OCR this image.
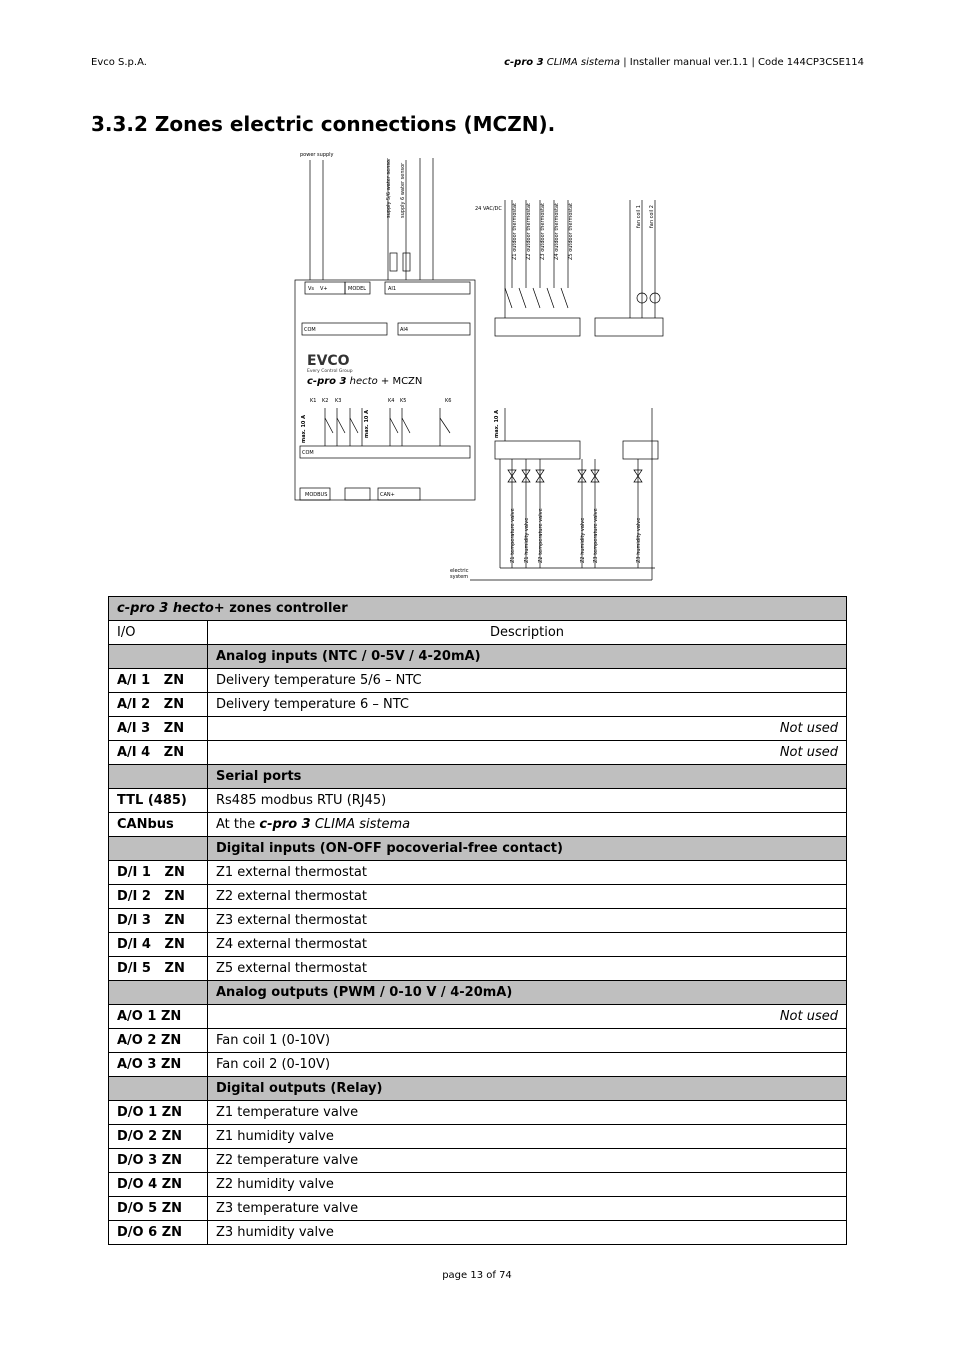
Evco S.p.A.	c-pro 3 CLIMA sistema | Installer manual ver.1.1 | Code 144CP3CSE114
3.3.2 Zones electric connections (MCZN).
power supply
supply 5/6 water sensor supply 6 water sensor	24 VAC/DC Z1 outdoor thermostat Z2 outdoor thermostat Z3 outdoor thermostat Z4 outdoor thermostat Z5 outdoor thermostat	fan coil 1 fan coil 2
Vs V+	MODEL	AI1
COM	AI4
K1 K2 K3	K4 K5	K6
max. 10 A	max. 10 A	max. 10 A
COM
MODBUS	CAN+
Z1 temperature valve Z1 humidity valve Z2 temperature valve	Z2 humidity valve Z3 temperature valve	Z3 humidity valve
electric
system
EVCO
Every Control Group
c-pro 3 hecto + MCZN
c-pro 3 hecto+ zones controller	
I/O	Description
	Analog inputs (NTC / 0-5V / 4-20mA)
A/I 1   ZN	Delivery temperature 5/6 – NTC
A/I 2   ZN	Delivery temperature 6 – NTC
A/I 3   ZN	Not used
A/I 4   ZN	Not used
	Serial ports
TTL (485)	Rs485 modbus RTU (RJ45)
CANbus	At the c-pro 3 CLIMA sistema
	Digital inputs (ON-OFF pocoverial-free contact)
D/I 1   ZN	Z1 external thermostat
D/I 2   ZN	Z2 external thermostat
D/I 3   ZN	Z3 external thermostat
D/I 4   ZN	Z4 external thermostat
D/I 5   ZN	Z5 external thermostat
	Analog outputs (PWM / 0-10 V / 4-20mA)
A/O 1 ZN	Not used
A/O 2 ZN	Fan coil 1 (0-10V)
A/O 3 ZN	Fan coil 2 (0-10V)
	Digital outputs (Relay)
D/O 1 ZN	Z1 temperature valve
D/O 2 ZN	Z1 humidity valve
D/O 3 ZN	Z2 temperature valve
D/O 4 ZN	Z2 humidity valve
D/O 5 ZN	Z3 temperature valve
D/O 6 ZN	Z3 humidity valve
page 13 of 74
